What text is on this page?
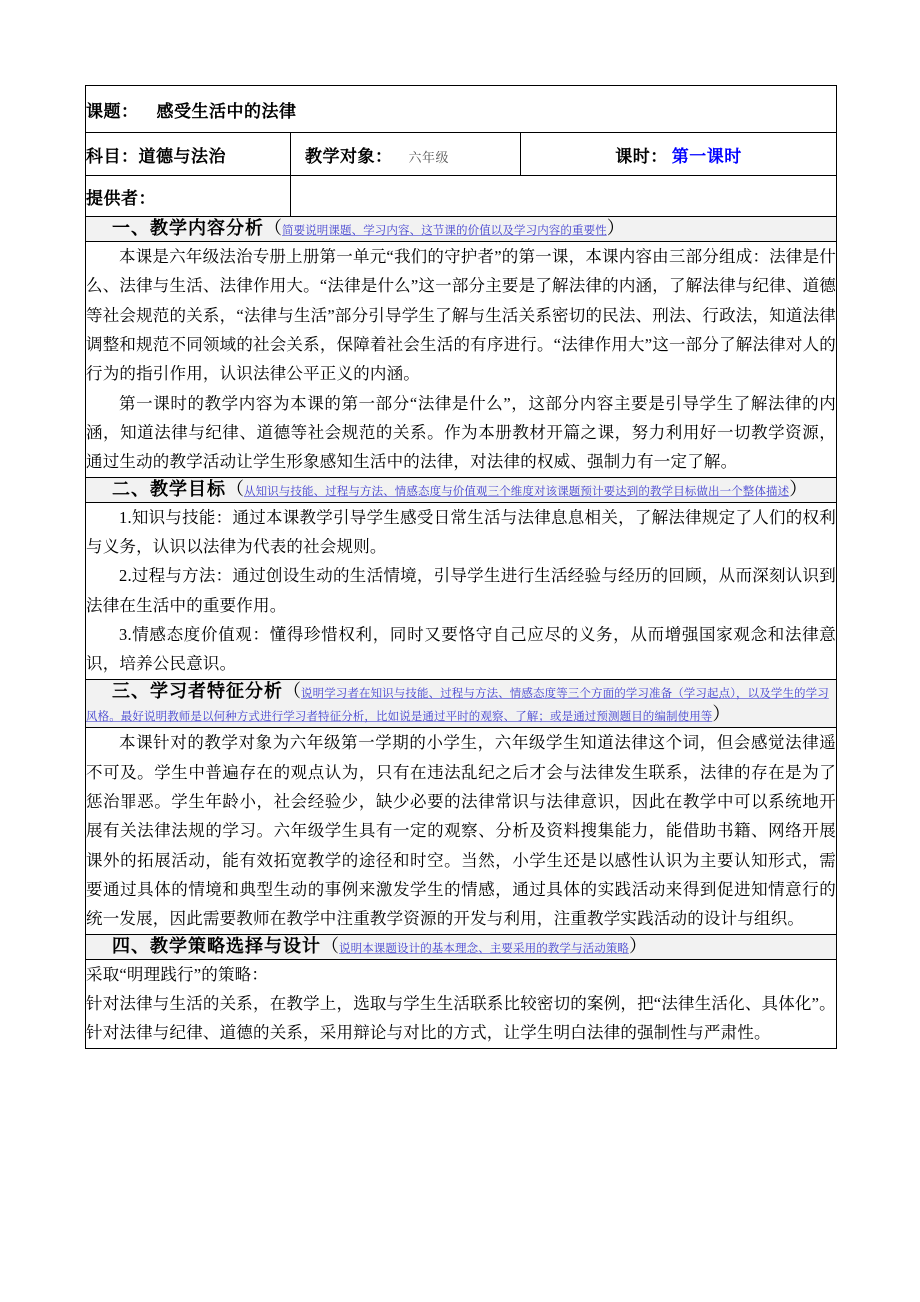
课题： 感受生活中的法律		
科目：道德与法治	教学对象： 六年级	课时： 第一课时
提供者：		

一、教学内容分析（简要说明课题、学习内容、这节课的价值以及学习内容的重要性）		

本课是六年级法治专册上册第一单元“我们的守护者”的第一课，本课内容由三部分组成：法律是什么、法律与生活、法律作用大。“法律是什么”这一部分主要是了解法律的内涵，了解法律与纪律、道德等社会规范的关系，“法律与生活”部分引导学生了解与生活关系密切的民法、刑法、行政法，知道法律调整和规范不同领域的社会关系，保障着社会生活的有序进行。“法律作用大”这一部分了解法律对人的行为的指引作用，认识法律公平正义的内涵。

第一课时的教学内容为本课的第一部分“法律是什么”，这部分内容主要是引导学生了解法律的内涵，知道法律与纪律、道德等社会规范的关系。作为本册教材开篇之课，努力利用好一切教学资源，通过生动的教学活动让学生形象感知生活中的法律，对法律的权威、强制力有一定了解。		

二、教学目标（从知识与技能、过程与方法、情感态度与价值观三个维度对该课题预计要达到的教学目标做出一个整体描述）		

1.知识与技能：通过本课教学引导学生感受日常生活与法律息息相关，了解法律规定了人们的权利与义务，认识以法律为代表的社会规则。

2.过程与方法：通过创设生动的生活情境，引导学生进行生活经验与经历的回顾，从而深刻认识到法律在生活中的重要作用。

3.情感态度价值观：懂得珍惜权利，同时又要恪守自己应尽的义务，从而增强国家观念和法律意识，培养公民意识。		

三、学习者特征分析（说明学习者在知识与技能、过程与方法、情感态度等三个方面的学习准备（学习起点），以及学生的学习风格。最好说明教师是以何种方式进行学习者特征分析，比如说是通过平时的观察、了解；或是通过预测题目的编制使用等）		

本课针对的教学对象为六年级第一学期的小学生，六年级学生知道法律这个词，但会感觉法律遥不可及。学生中普遍存在的观点认为，只有在违法乱纪之后才会与法律发生联系，法律的存在是为了惩治罪恶。学生年龄小，社会经验少，缺少必要的法律常识与法律意识，因此在教学中可以系统地开展有关法律法规的学习。六年级学生具有一定的观察、分析及资料搜集能力，能借助书籍、网络开展课外的拓展活动，能有效拓宽教学的途径和时空。当然，小学生还是以感性认识为主要认知形式，需要通过具体的情境和典型生动的事例来激发学生的情感，通过具体的实践活动来得到促进知情意行的统一发展，因此需要教师在教学中注重教学资源的开发与利用，注重教学实践活动的设计与组织。		

四、教学策略选择与设计（说明本课题设计的基本理念、主要采用的教学与活动策略）		

采取“明理践行”的策略：

针对法律与生活的关系，在教学上，选取与学生生活联系比较密切的案例，把“法律生活化、具体化”。

针对法律与纪律、道德的关系，采用辩论与对比的方式，让学生明白法律的强制性与严肃性。		
